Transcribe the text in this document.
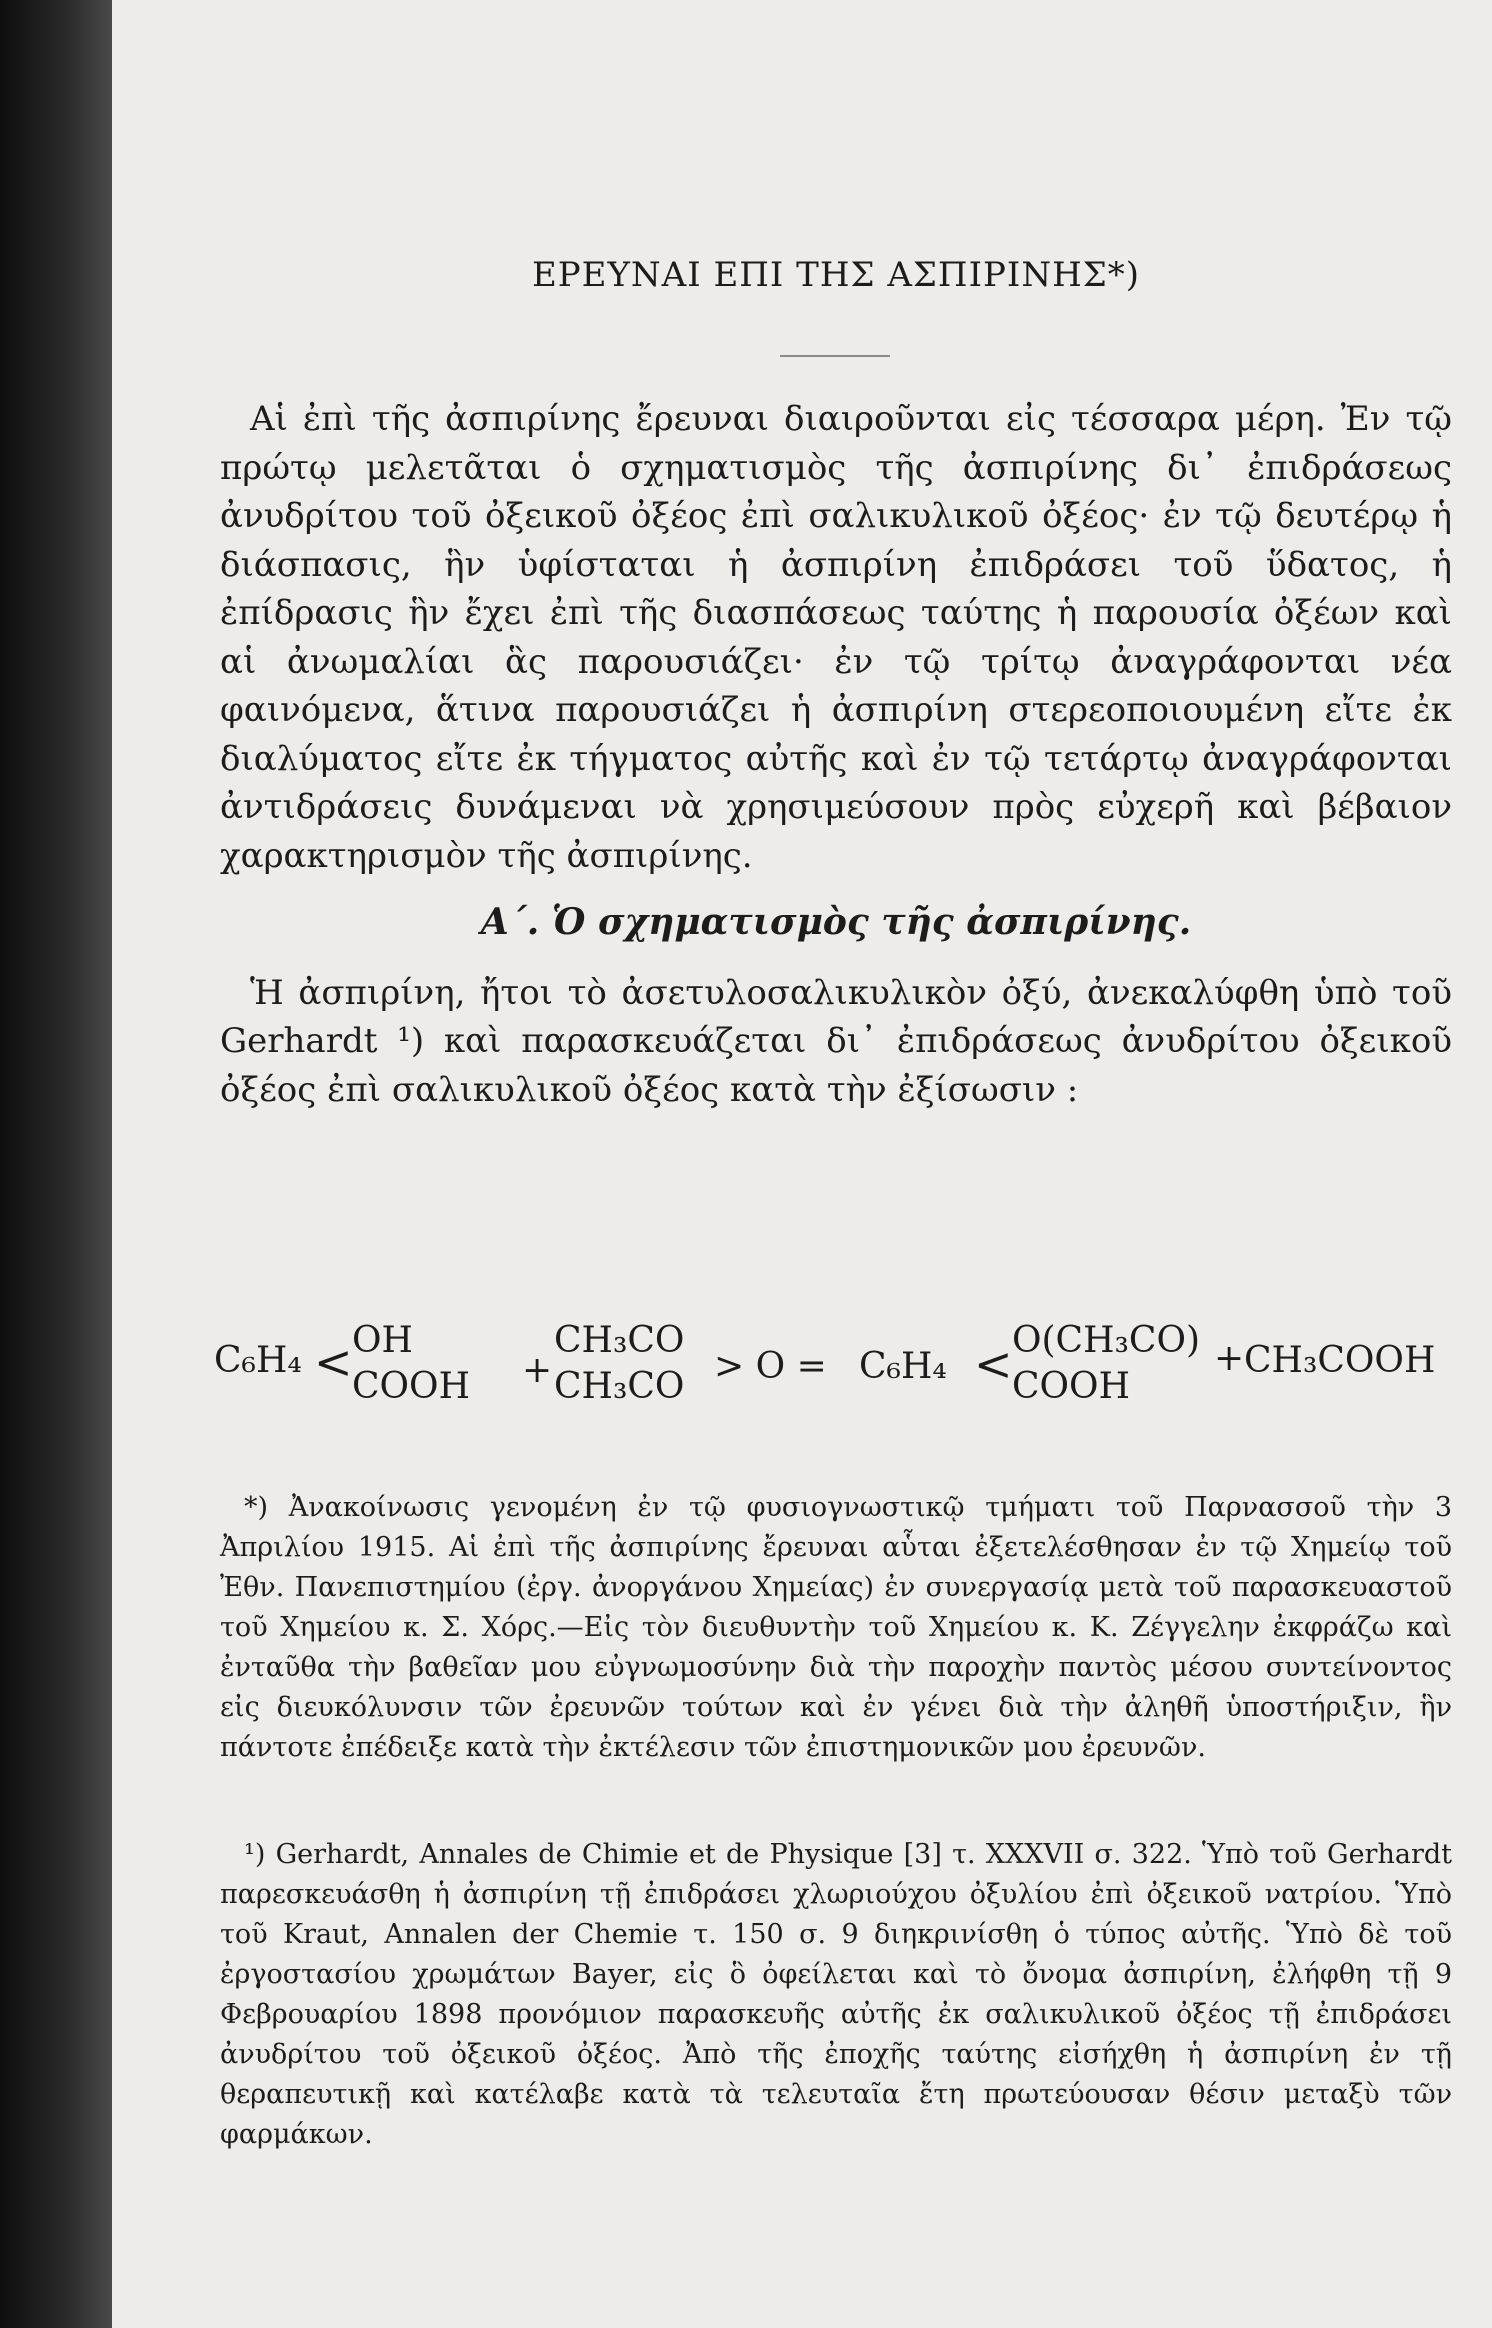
ΕΡΕΥΝΑΙ ΕΠΙ ΤΗΣ ΑΣΠΙΡΙΝΗΣ*)

Αἱ ἐπὶ τῆς ἀσπιρίνης ἔρευναι διαιροῦνται εἰς τέσσαρα μέρη. Ἐν τῷ πρώτῳ μελετᾶται ὁ σχηματισμὸς τῆς ἀσπιρίνης δι᾽ ἐπιδράσεως ἀνυδρίτου τοῦ ὀξεικοῦ ὀξέος ἐπὶ σαλικυλικοῦ ὀξέος· ἐν τῷ δευτέρῳ ἡ διάσπασις, ἣν ὑφίσταται ἡ ἀσπιρίνη ἐπιδράσει τοῦ ὕδατος, ἡ ἐπίδρασις ἣν ἔχει ἐπὶ τῆς διασπάσεως ταύτης ἡ παρουσία ὀξέων καὶ αἱ ἀνωμαλίαι ἃς παρουσιάζει· ἐν τῷ τρίτῳ ἀναγράφονται νέα φαινόμενα, ἅτινα παρουσιάζει ἡ ἀσπιρίνη στερεοποιουμένη εἴτε ἐκ διαλύματος εἴτε ἐκ τήγματος αὐτῆς καὶ ἐν τῷ τετάρτῳ ἀναγράφονται ἀντιδράσεις δυνάμεναι νὰ χρησιμεύσουν πρὸς εὐχερῆ καὶ βέβαιον χαρακτηρισμὸν τῆς ἀσπιρίνης.

Α΄. Ὁ σχηματισμὸς τῆς ἀσπιρίνης.

Ἡ ἀσπιρίνη, ἤτοι τὸ ἀσετυλοσαλικυλικὸν ὀξύ, ἀνεκαλύφθη ὑπὸ τοῦ Gerhardt ¹) καὶ παρασκευάζεται δι᾽ ἐπιδράσεως ἀνυδρίτου ὀξεικοῦ ὀξέος ἐπὶ σαλικυλικοῦ ὀξέος κατὰ τὴν ἐξίσωσιν :

C₆H₄ < OH
COOH +
CH₃CO
CH₃CO > O = C₆H₄ < O(CH₃CO)
COOH
+ CH₃COOH

*) Ἀνακοίνωσις γενομένη ἐν τῷ φυσιογνωστικῷ τμήματι τοῦ Παρνασσοῦ τὴν 3 Ἀπριλίου 1915. Αἱ ἐπὶ τῆς ἀσπιρίνης ἔρευναι αὗται ἐξετελέσθησαν ἐν τῷ Χημείῳ τοῦ Ἐθν. Πανεπιστημίου (ἐργ. ἀνοργάνου Χημείας) ἐν συνεργασίᾳ μετὰ τοῦ παρασκευαστοῦ τοῦ Χημείου κ. Σ. Χόρς.—Εἰς τὸν διευθυντὴν τοῦ Χημείου κ. Κ. Ζέγγελην ἐκφράζω καὶ ἐνταῦθα τὴν βαθεῖαν μου εὐγνωμοσύνην διὰ τὴν παροχὴν παντὸς μέσου συντείνοντος εἰς διευκόλυνσιν τῶν ἐρευνῶν τούτων καὶ ἐν γένει διὰ τὴν ἀληθῆ ὑποστήριξιν, ἣν πάντοτε ἐπέδειξε κατὰ τὴν ἐκτέλεσιν τῶν ἐπιστημονικῶν μου ἐρευνῶν.

¹) Gerhardt, Annales de Chimie et de Physique [3] τ. XXXVII σ. 322. Ὑπὸ τοῦ Gerhardt παρεσκευάσθη ἡ ἀσπιρίνη τῇ ἐπιδράσει χλωριούχου ὀξυλίου ἐπὶ ὀξεικοῦ νατρίου. Ὑπὸ τοῦ Kraut, Annalen der Chemie τ. 150 σ. 9 διηκρινίσθη ὁ τύπος αὐτῆς. Ὑπὸ δὲ τοῦ ἐργοστασίου χρωμάτων Bayer, εἰς ὃ ὀφείλεται καὶ τὸ ὄνομα ἀσπιρίνη, ἐλήφθη τῇ 9 Φεβρουαρίου 1898 προνόμιον παρασκευῆς αὐτῆς ἐκ σαλικυλικοῦ ὀξέος τῇ ἐπιδράσει ἀνυδρίτου τοῦ ὀξεικοῦ ὀξέος. Ἀπὸ τῆς ἐποχῆς ταύτης εἰσήχθη ἡ ἀσπιρίνη ἐν τῇ θεραπευτικῇ καὶ κατέλαβε κατὰ τὰ τελευταῖα ἔτη πρωτεύουσαν θέσιν μεταξὺ τῶν φαρμάκων.
